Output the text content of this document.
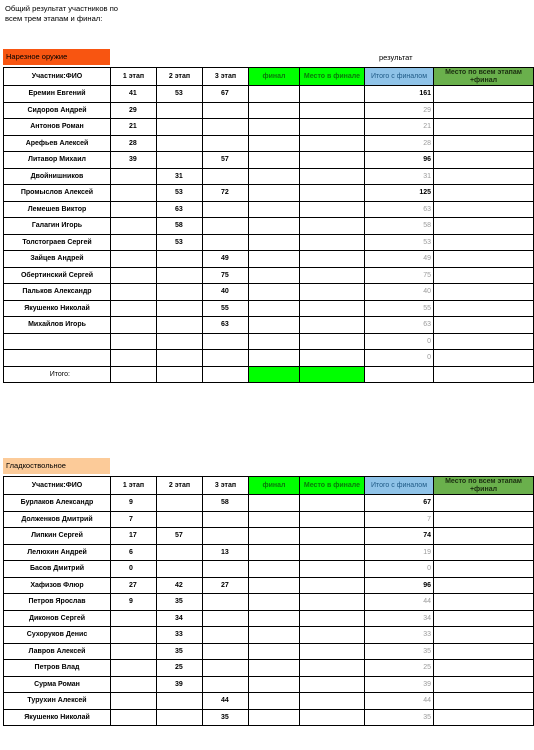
Общий результат участников по всем трем этапам и финал:
Нарезное оружие	результат
Участник:ФИО	1 этап	2 этап	3 этап	финал	Место в финале	Итого с финалом	Место по всем этапам +финал
Еремин Евгений	41	53	67			161	
Сидоров Андрей	29					29	
Антонов Роман	21					21	
Арефьев Алексей	28					28	
Литавор Михаил	39		57			96	
Двойнишников		31				31	
Промыслов Алексей		53	72			125	
Лемешев Виктор		63				63	
Галагин Игорь		58				58	
Толстограев Сергей		53				53	
Зайцев Андрей			49			49	
Обертинский Сергей			75			75	
Пальков Александр			40			40	
Якушенко Николай			55			55	
Михайлов Игорь			63			63	
						0	
						0	
Итого:							
Гладкоствольное
Участник:ФИО	1 этап	2 этап	3 этап	финал	Место в финале	Итого с финалом	Место по всем этапам +финал
Бурлаков Александр	9		58			67	
Долженков Дмитрий	7					7	
Липкин Сергей	17	57				74	
Лелюхин Андрей	6		13			19	
Басов Дмитрий	0					0	
Хафизов Флюр	27	42	27			96	
Петров Ярослав	9	35				44	
Диконов Сергей		34				34	
Сухоруков Денис		33				33	
Лавров Алексей		35				35	
Петров Влад		25				25	
Сурма Роман		39				39	
Турухин Алексей			44			44	
Якушенко Николай			35			35	
